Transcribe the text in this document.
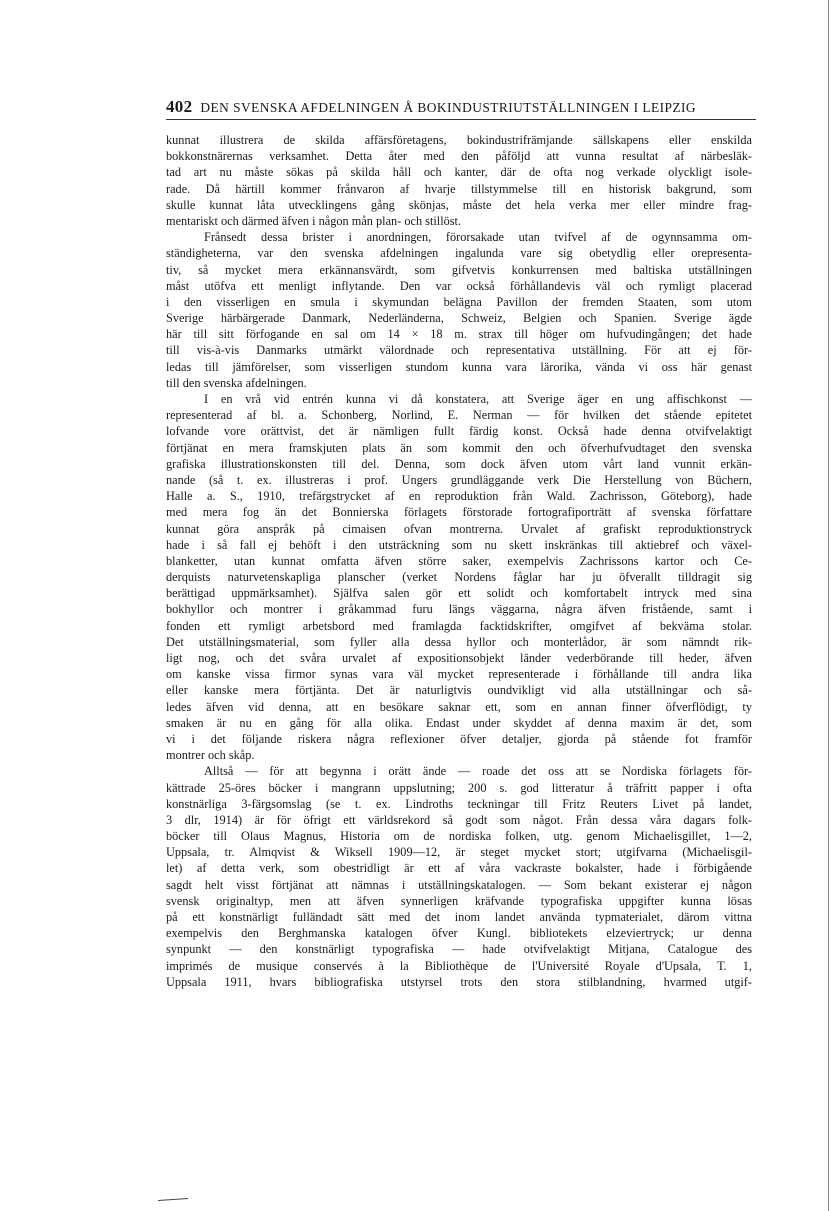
402 DEN SVENSKA AFDELNINGEN Å BOKINDUSTRIUTSTÄLLNINGEN I LEIPZIG
kunnat illustrera de skilda affärsföretagens, bokindustrifrämjande sällskapens eller enskilda
bokkonstnärernas verksamhet. Detta åter med den påföljd att vunna resultat af närbesläk-
tad art nu måste sökas på skilda håll och kanter, där de ofta nog verkade olyckligt isole-
rade. Då härtill kommer frånvaron af hvarje tillstymmelse till en historisk bakgrund, som
skulle kunnat låta utvecklingens gång skönjas, måste det hela verka mer eller mindre frag-
mentariskt och därmed äfven i någon mån plan- och stillöst.
Frånsedt dessa brister i anordningen, förorsakade utan tvifvel af de ogynnsamma om-
ständigheterna, var den svenska afdelningen ingalunda vare sig obetydlig eller orepresenta-
tiv, så mycket mera erkännansvärdt, som gifvetvis konkurrensen med baltiska utställningen
måst utöfva ett menligt inflytande. Den var också förhållandevis väl och rymligt placerad
i den visserligen en smula i skymundan belägna Pavillon der fremden Staaten, som utom
Sverige härbärgerade Danmark, Nederländerna, Schweiz, Belgien och Spanien. Sverige ägde
här till sitt förfogande en sal om 14 × 18 m. strax till höger om hufvudingången; det hade
till vis-à-vis Danmarks utmärkt välordnade och representativa utställning. För att ej för-
ledas till jämförelser, som visserligen stundom kunna vara lärorika, vända vi oss här genast
till den svenska afdelningen.
I en vrå vid entrén kunna vi då konstatera, att Sverige äger en ung affischkonst —
representerad af bl. a. Schonberg, Norlind, E. Nerman — för hvilken det stående epitetet
lofvande vore orättvist, det är nämligen fullt färdig konst. Också hade denna otvifvelaktigt
förtjänat en mera framskjuten plats än som kommit den och öfverhufvudtaget den svenska
grafiska illustrationskonsten till del. Denna, som dock äfven utom vårt land vunnit erkän-
nande (så t. ex. illustreras i prof. Ungers grundläggande verk Die Herstellung von Büchern,
Halle a. S., 1910, trefärgstrycket af en reproduktion från Wald. Zachrisson, Göteborg), hade
med mera fog än det Bonnierska förlagets förstorade fortografiporträtt af svenska författare
kunnat göra anspråk på cimaisen ofvan montrerna. Urvalet af grafiskt reproduktionstryck
hade i så fall ej behöft i den utsträckning som nu skett inskränkas till aktiebref och växel-
blanketter, utan kunnat omfatta äfven större saker, exempelvis Zachrissons kartor och Ce-
derquists naturvetenskapliga planscher (verket Nordens fåglar har ju öfverallt tilldragit sig
berättigad uppmärksamhet). Själfva salen gör ett solidt och komfortabelt intryck med sina
bokhyllor och montrer i gråkammad furu längs väggarna, några äfven fristående, samt i
fonden ett rymligt arbetsbord med framlagda facktidskrifter, omgifvet af bekväma stolar.
Det utställningsmaterial, som fyller alla dessa hyllor och monterlådor, är som nämndt rik-
ligt nog, och det svåra urvalet af expositionsobjekt länder vederbörande till heder, äfven
om kanske vissa firmor synas vara väl mycket representerade i förhållande till andra lika
eller kanske mera förtjänta. Det är naturligtvis oundvikligt vid alla utställningar och så-
ledes äfven vid denna, att en besökare saknar ett, som en annan finner öfverflödigt, ty
smaken är nu en gång för alla olika. Endast under skyddet af denna maxim är det, som
vi i det följande riskera några reflexioner öfver detaljer, gjorda på stående fot framför
montrer och skåp.
Alltså — för att begynna i orätt ände — roade det oss att se Nordiska förlagets för-
kättrade 25-öres böcker i mangrann uppslutning; 200 s. god litteratur å träfritt papper i ofta
konstnärliga 3-färgsomslag (se t. ex. Lindroths teckningar till Fritz Reuters Livet på landet,
3 dlr, 1914) är för öfrigt ett världsrekord så godt som något. Från dessa våra dagars folk-
böcker till Olaus Magnus, Historia om de nordiska folken, utg. genom Michaelisgillet, 1—2,
Uppsala, tr. Almqvist & Wiksell 1909—12, är steget mycket stort; utgifvarna (Michaelisgil-
let) af detta verk, som obestridligt är ett af våra vackraste bokalster, hade i förbigående
sagdt helt visst förtjänat att nämnas i utställningskatalogen. — Som bekant existerar ej någon
svensk originaltyp, men att äfven synnerligen kräfvande typografiska uppgifter kunna lösas
på ett konstnärligt fulländadt sätt med det inom landet använda typmaterialet, därom vittna
exempelvis den Berghmanska katalogen öfver Kungl. bibliotekets elzeviertryck; ur denna
synpunkt — den konstnärligt typografiska — hade otvifvelaktigt Mitjana, Catalogue des
imprimés de musique conservés à la Bibliothèque de l'Université Royale d'Upsala, T. 1,
Uppsala 1911, hvars bibliografiska utstyrsel trots den stora stilblandning, hvarmed utgif-
